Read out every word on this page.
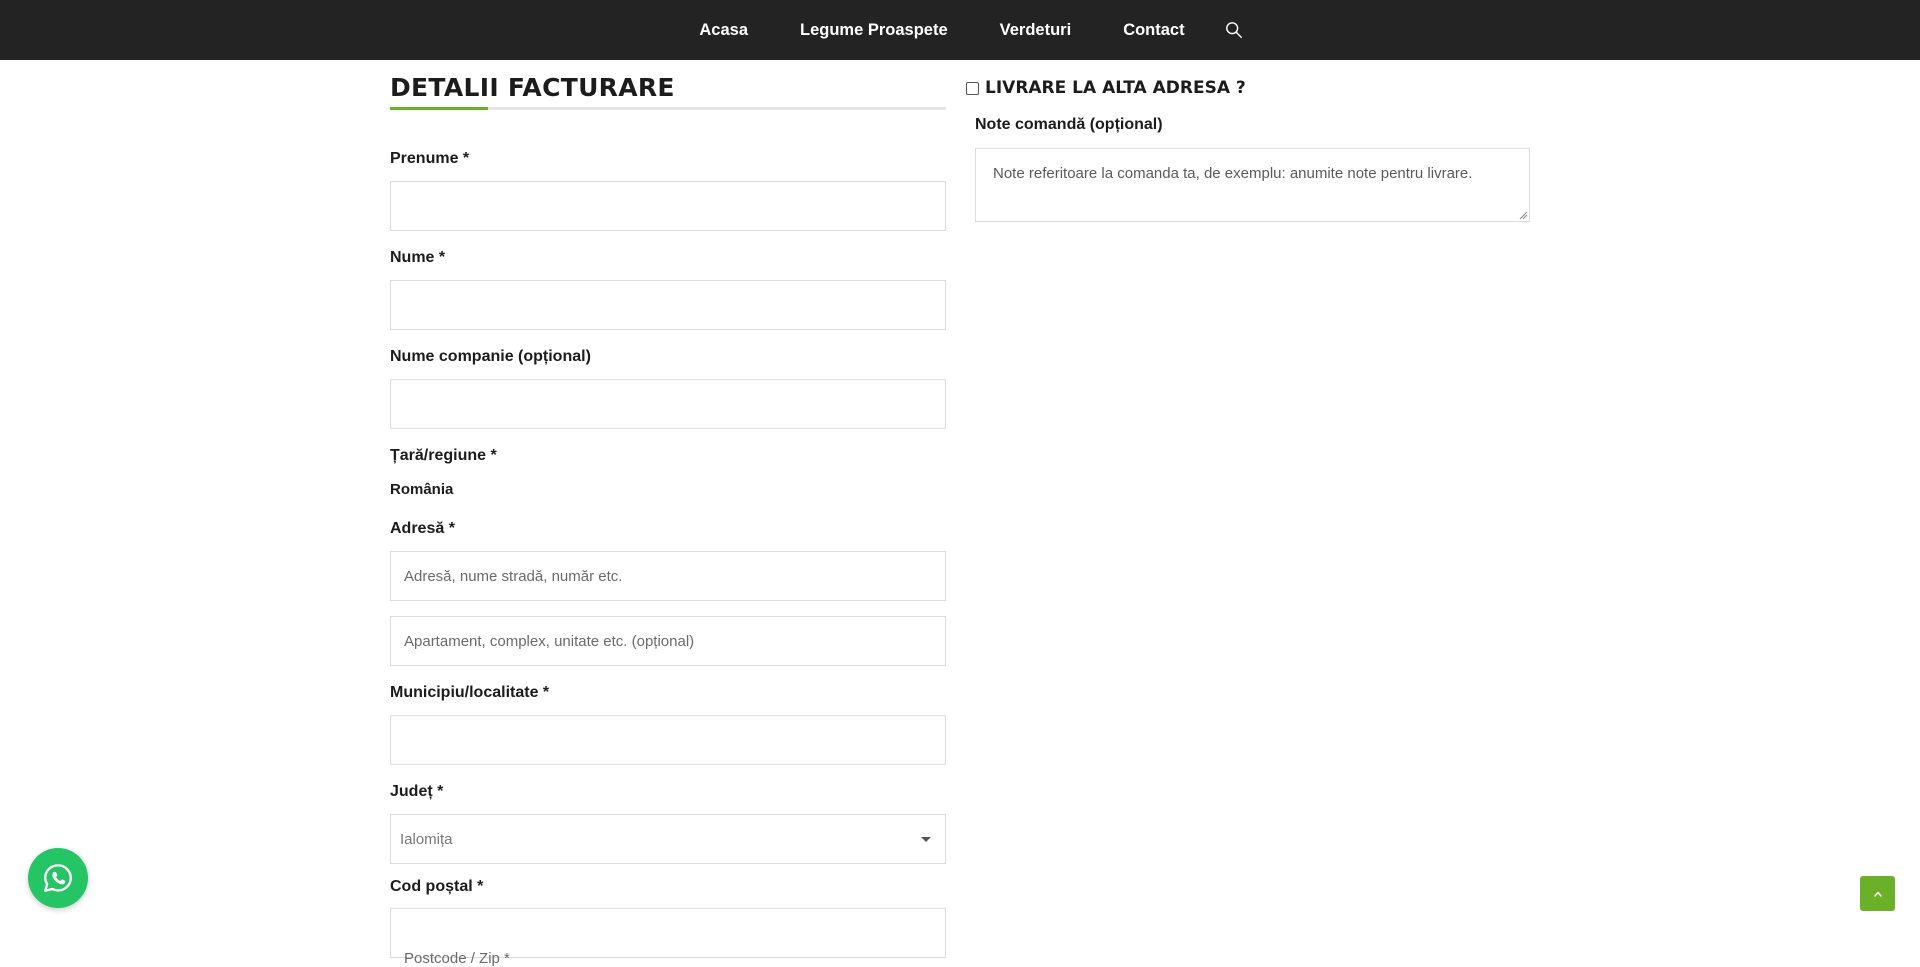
Acasa	Legume Proaspete	Verdeturi	Contact
DETALII FACTURARE
Prenume *
Nume *
Nume companie (opțional)
Țară/regiune *
România
Adresă *
Adresă, nume stradă, număr etc.
Apartament, complex, unitate etc. (opțional)
Municipiu/localitate *
Județ *
Ialomița
Cod poștal *
Postcode / Zip *
LIVRARE LA ALTA ADRESA ?
Note comandă (opțional)
Note referitoare la comanda ta, de exemplu: anumite note pentru livrare.
